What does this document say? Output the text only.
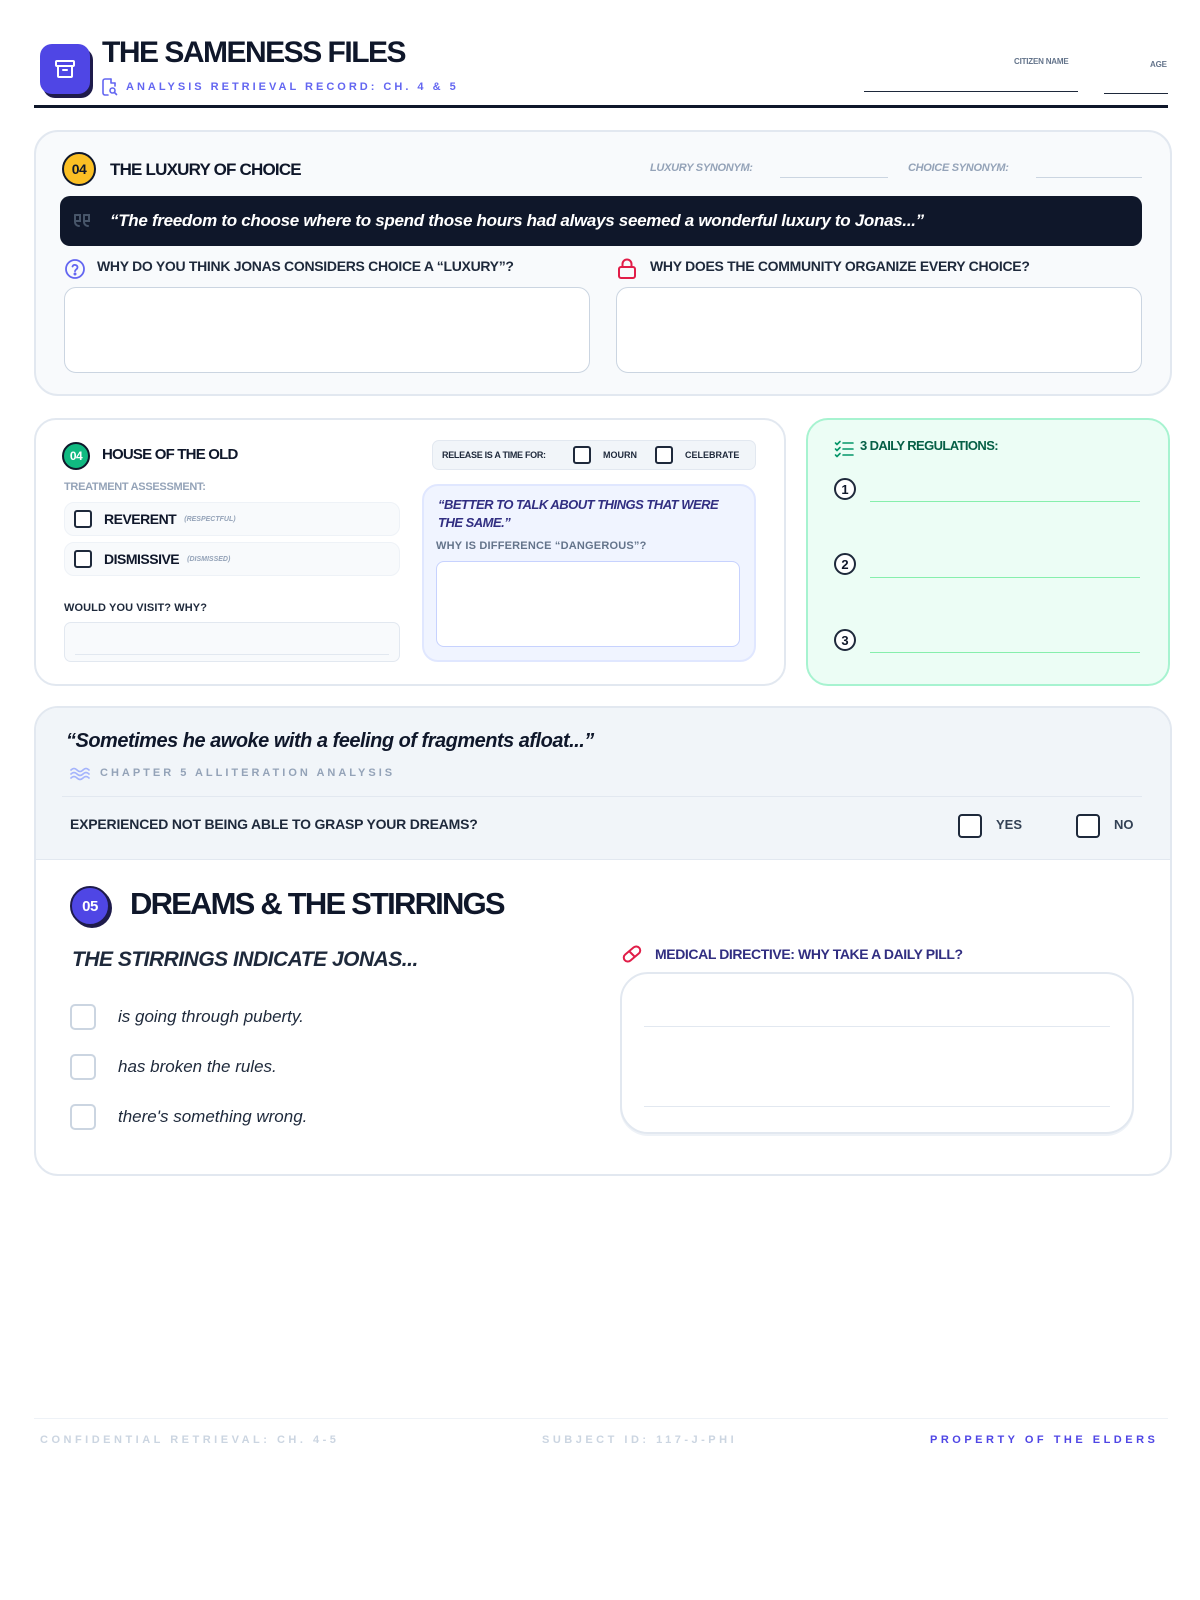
THE SAMENESS FILES
ANALYSIS RETRIEVAL RECORD: CH. 4 & 5
CITIZEN NAME	AGE
04	THE LUXURY OF CHOICE	LUXURY SYNONYM:	CHOICE SYNONYM:
“The freedom to choose where to spend those hours had always seemed a wonderful luxury to Jonas...”
WHY DO YOU THINK JONAS CONSIDERS CHOICE A “LUXURY”?	WHY DOES THE COMMUNITY ORGANIZE EVERY CHOICE?
04	HOUSE OF THE OLD	RELEASE IS A TIME FOR:	MOURN	CELEBRATE
TREATMENT ASSESSMENT:
REVERENT (RESPECTFUL)
DISMISSIVE (DISMISSED)
WOULD YOU VISIT? WHY?
“BETTER TO TALK ABOUT THINGS THAT WERE THE SAME.”
WHY IS DIFFERENCE “DANGEROUS”?
3 DAILY REGULATIONS:
1
2
3
“Sometimes he awoke with a feeling of fragments afloat...”
CHAPTER 5 ALLITERATION ANALYSIS
EXPERIENCED NOT BEING ABLE TO GRASP YOUR DREAMS?	YES	NO
05	DREAMS & THE STIRRINGS
THE STIRRINGS INDICATE JONAS...
is going through puberty.
has broken the rules.
there's something wrong.
MEDICAL DIRECTIVE: WHY TAKE A DAILY PILL?
CONFIDENTIAL RETRIEVAL: CH. 4-5	SUBJECT ID: 117-J-PHI	PROPERTY OF THE ELDERS
